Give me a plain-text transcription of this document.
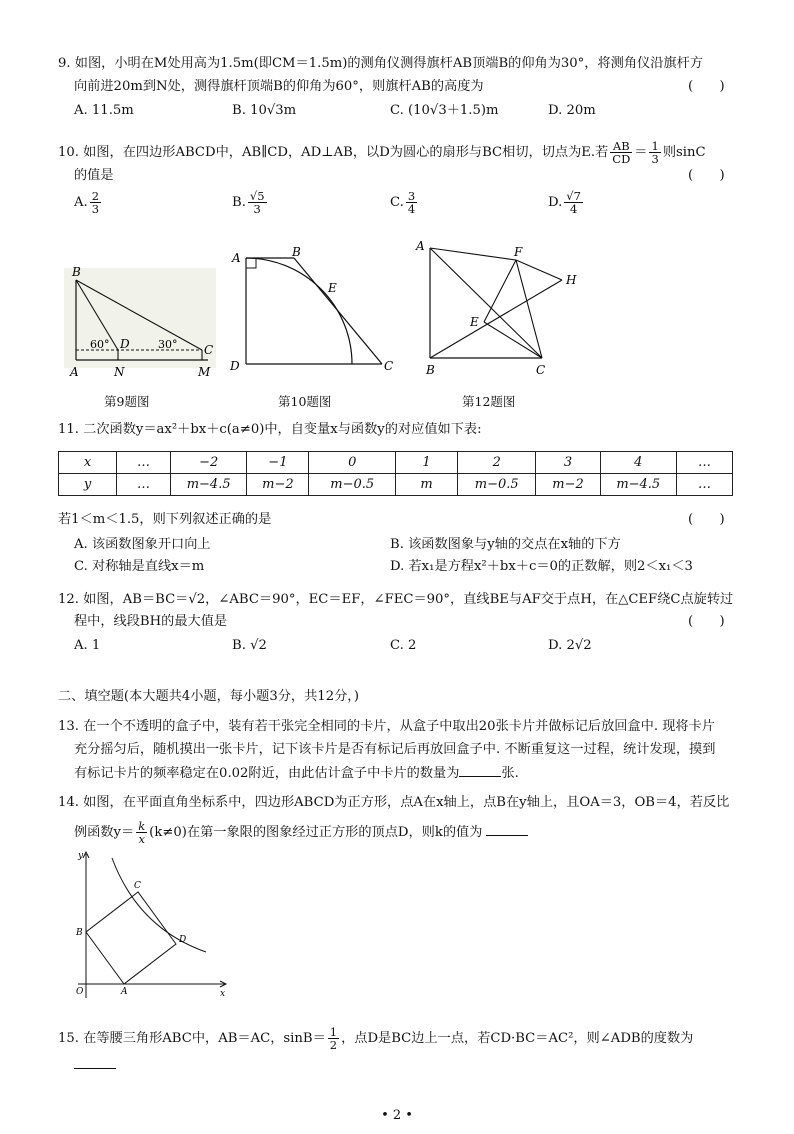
9. 如图，小明在M处用高为1.5m(即CM＝1.5m)的测角仪测得旗杆AB顶端B的仰角为30°，将测角仪沿旗杆方
向前进20m到N处，测得旗杆顶端B的仰角为60°，则旗杆AB的高度为	(　　)
A. 11.5m	B. 10√3m	C. (10√3＋1.5)m	D. 20m
10. 如图，在四边形ABCD中，AB∥CD，AD⊥AB，以D为圆心的扇形与BC相切，切点为E.若 $\frac{AB}{CD} = \frac{1}{3}$ 则sinC
的值是	(　　)
A. $\frac{2}{3}$	B. $\frac{√5}{3}$	C. $\frac{3}{4}$	D. $\frac{√7}{4}$
B
A	N	M
D	C
60°	30°
第9题图
A	B
E
D	C
第10题图
A	F
H
E
B	C
第12题图
11. 二次函数y＝ax²＋bx＋c(a≠0)中，自变量x与函数y的对应值如下表:
x	…	−2	−1	0	1	2	3	4	…
y	…	m−4.5	m−2	m−0.5	m	m−0.5	m−2	m−4.5	…
若1＜m＜1.5，则下列叙述正确的是	(　　)
A. 该函数图象开口向上	B. 该函数图象与y轴的交点在x轴的下方
C. 对称轴是直线x＝m	D. 若x₁是方程x²＋bx＋c＝0的正数解，则2＜x₁＜3
12. 如图，AB＝BC＝√2，∠ABC＝90°，EC＝EF，∠FEC＝90°，直线BE与AF交于点H，在△CEF绕C点旋转过
程中，线段BH的最大值是	(　　)
A. 1	B. √2	C. 2	D. 2√2
二、填空题(本大题共4小题，每小题3分，共12分，)
13. 在一个不透明的盒子中，装有若干张完全相同的卡片，从盒子中取出20张卡片并做标记后放回盒中. 现将卡片
充分摇匀后，随机摸出一张卡片，记下该卡片是否有标记后再放回盒子中. 不断重复这一过程，统计发现，摸到
有标记卡片的频率稳定在0.02附近，由此估计盒子中卡片的数量为	张.
14. 如图，在平面直角坐标系中，四边形ABCD为正方形，点A在x轴上，点B在y轴上，且OA＝3，OB＝4，若反比
例函数$y= \frac{k}{x} (k\ne 0)$在第一象限的图象经过正方形的顶点D，则k的值为
y
x
O	A
B
C
D
15. 在等腰三角形ABC中，AB＝AC，$\sin B= \frac{1}{2}$ ，点D是BC边上一点，若CD·BC＝AC²，则∠ADB的度数为
• 2 •
